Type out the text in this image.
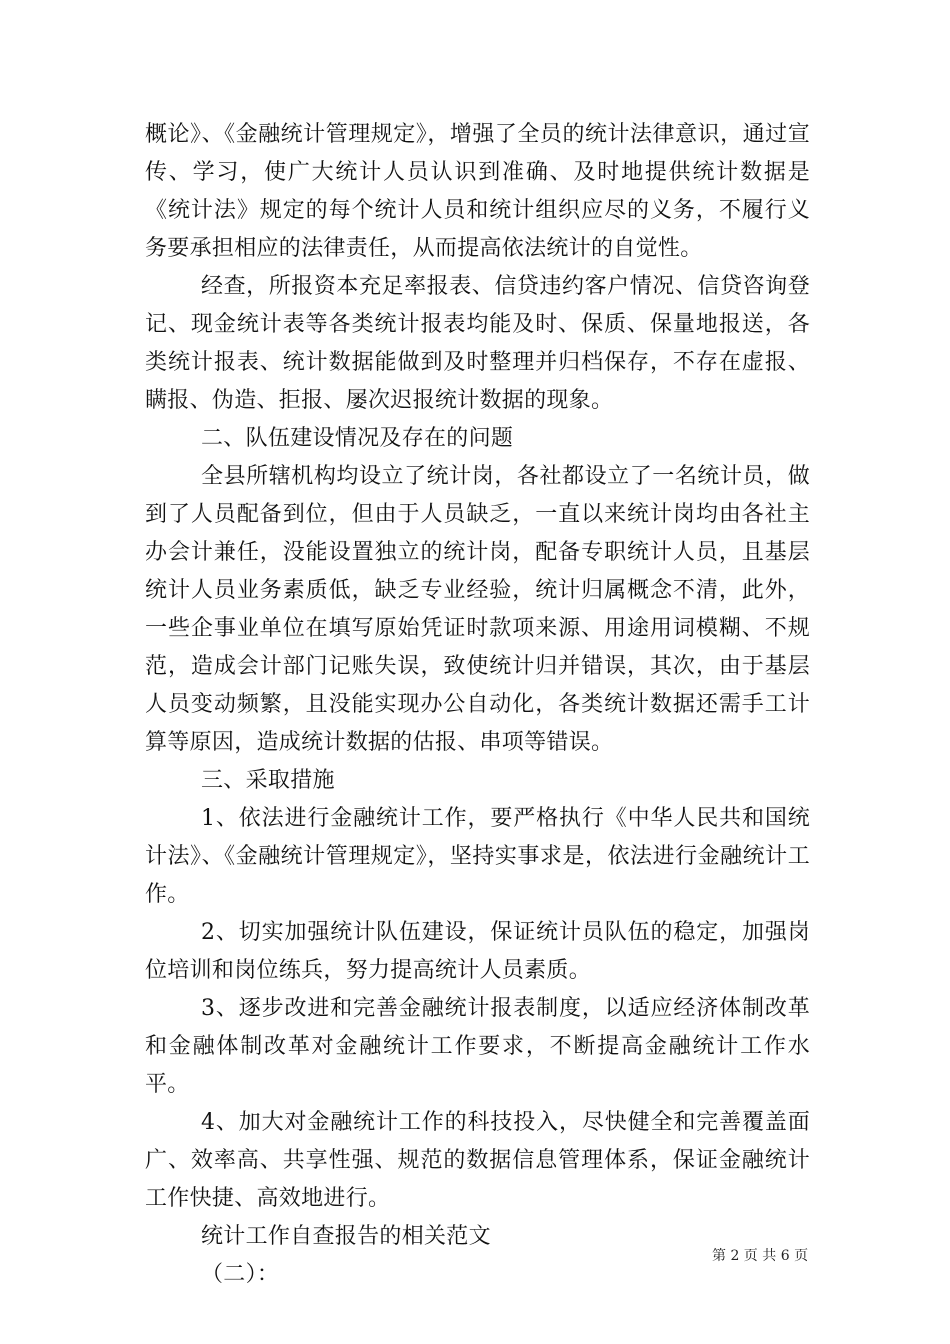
概论》、《金融统计管理规定》，增强了全员的统计法律意识，通过宣传、学习，使广大统计人员认识到准确、及时地提供统计数据是《统计法》规定的每个统计人员和统计组织应尽的义务，不履行义务要承担相应的法律责任，从而提高依法统计的自觉性。

经查，所报资本充足率报表、信贷违约客户情况、信贷咨询登记、现金统计表等各类统计报表均能及时、保质、保量地报送，各类统计报表、统计数据能做到及时整理并归档保存，不存在虚报、瞒报、伪造、拒报、屡次迟报统计数据的现象。

二、队伍建设情况及存在的问题

全县所辖机构均设立了统计岗，各社都设立了一名统计员，做到了人员配备到位，但由于人员缺乏，一直以来统计岗均由各社主办会计兼任，没能设置独立的统计岗，配备专职统计人员，且基层统计人员业务素质低，缺乏专业经验，统计归属概念不清，此外，一些企事业单位在填写原始凭证时款项来源、用途用词模糊、不规范，造成会计部门记账失误，致使统计归并错误，其次，由于基层人员变动频繁，且没能实现办公自动化，各类统计数据还需手工计算等原因，造成统计数据的估报、串项等错误。

三、采取措施

1、依法进行金融统计工作，要严格执行《中华人民共和国统计法》、《金融统计管理规定》，坚持实事求是，依法进行金融统计工作。

2、切实加强统计队伍建设，保证统计员队伍的稳定，加强岗位培训和岗位练兵，努力提高统计人员素质。

3、逐步改进和完善金融统计报表制度，以适应经济体制改革和金融体制改革对金融统计工作要求，不断提高金融统计工作水平。

4、加大对金融统计工作的科技投入，尽快健全和完善覆盖面广、效率高、共享性强、规范的数据信息管理体系，保证金融统计工作快捷、高效地进行。

统计工作自查报告的相关范文

（二）：

第 2 页 共 6 页
